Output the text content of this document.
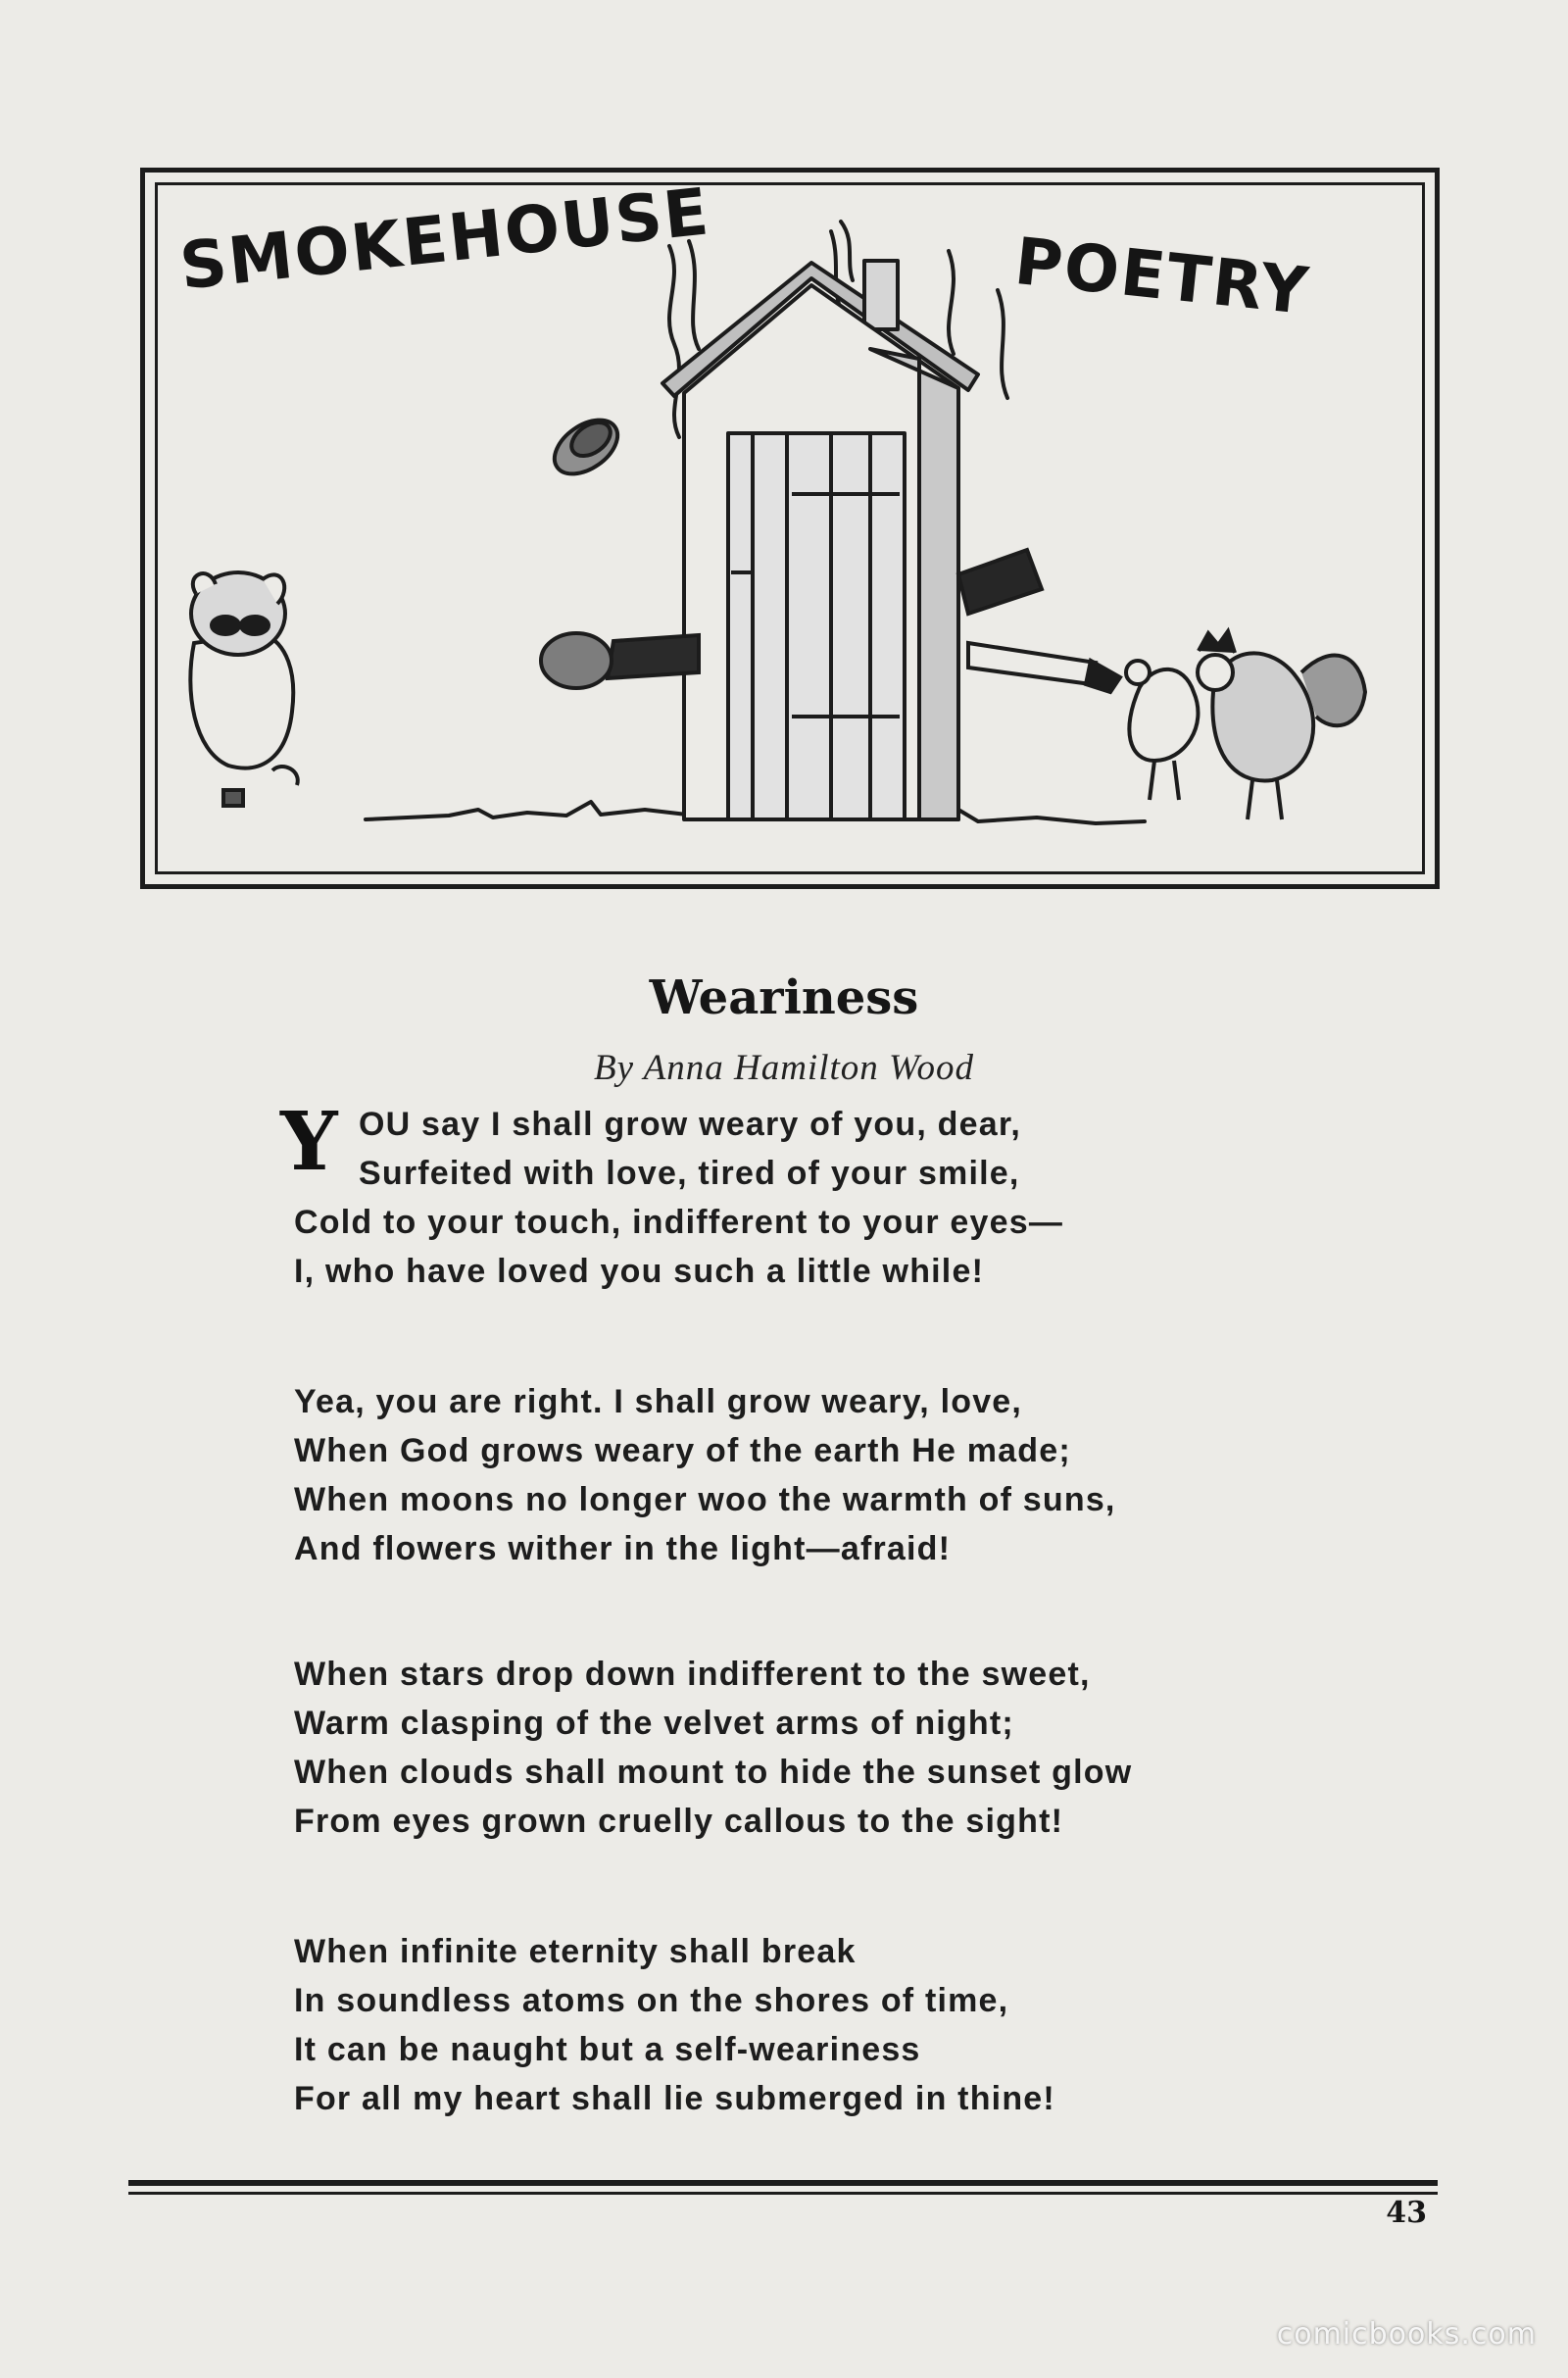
SMOKEHOUSE	POETRY
Weariness
By Anna Hamilton Wood
Y OU say I shall grow weary of you, dear,
Surfeited with love, tired of your smile,
Cold to your touch, indifferent to your eyes—
I, who have loved you such a little while!
Yea, you are right. I shall grow weary, love,
When God grows weary of the earth He made;
When moons no longer woo the warmth of suns,
And flowers wither in the light—afraid!
When stars drop down indifferent to the sweet,
Warm clasping of the velvet arms of night;
When clouds shall mount to hide the sunset glow
From eyes grown cruelly callous to the sight!
When infinite eternity shall break
In soundless atoms on the shores of time,
It can be naught but a self-weariness
For all my heart shall lie submerged in thine!
43
comicbooks.com
